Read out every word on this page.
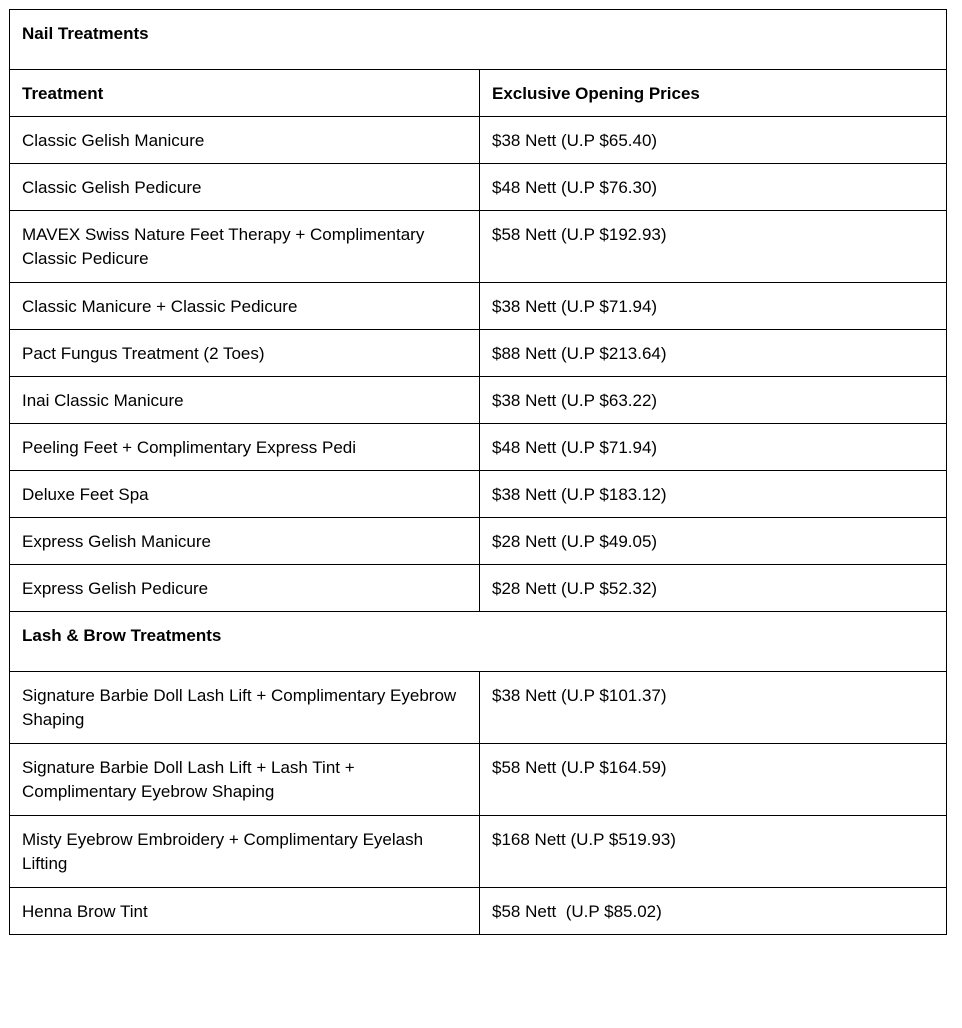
Nail Treatments	
Treatment	Exclusive Opening Prices
Classic Gelish Manicure	$38 Nett (U.P $65.40)
Classic Gelish Pedicure	$48 Nett (U.P $76.30)
MAVEX Swiss Nature Feet Therapy + Complimentary Classic Pedicure	$58 Nett (U.P $192.93)
Classic Manicure + Classic Pedicure	$38 Nett (U.P $71.94)
Pact Fungus Treatment (2 Toes)	$88 Nett (U.P $213.64)
Inai Classic Manicure	$38 Nett (U.P $63.22)
Peeling Feet + Complimentary Express Pedi	$48 Nett (U.P $71.94)
Deluxe Feet Spa	$38 Nett (U.P $183.12)
Express Gelish Manicure	$28 Nett (U.P $49.05)
Express Gelish Pedicure	$28 Nett (U.P $52.32)
Lash & Brow Treatments	
Signature Barbie Doll Lash Lift + Complimentary Eyebrow Shaping	$38 Nett (U.P $101.37)
Signature Barbie Doll Lash Lift + Lash Tint + Complimentary Eyebrow Shaping	$58 Nett (U.P $164.59)
Misty Eyebrow Embroidery + Complimentary Eyelash Lifting	$168 Nett (U.P $519.93)
Henna Brow Tint	$58 Nett  (U.P $85.02)
